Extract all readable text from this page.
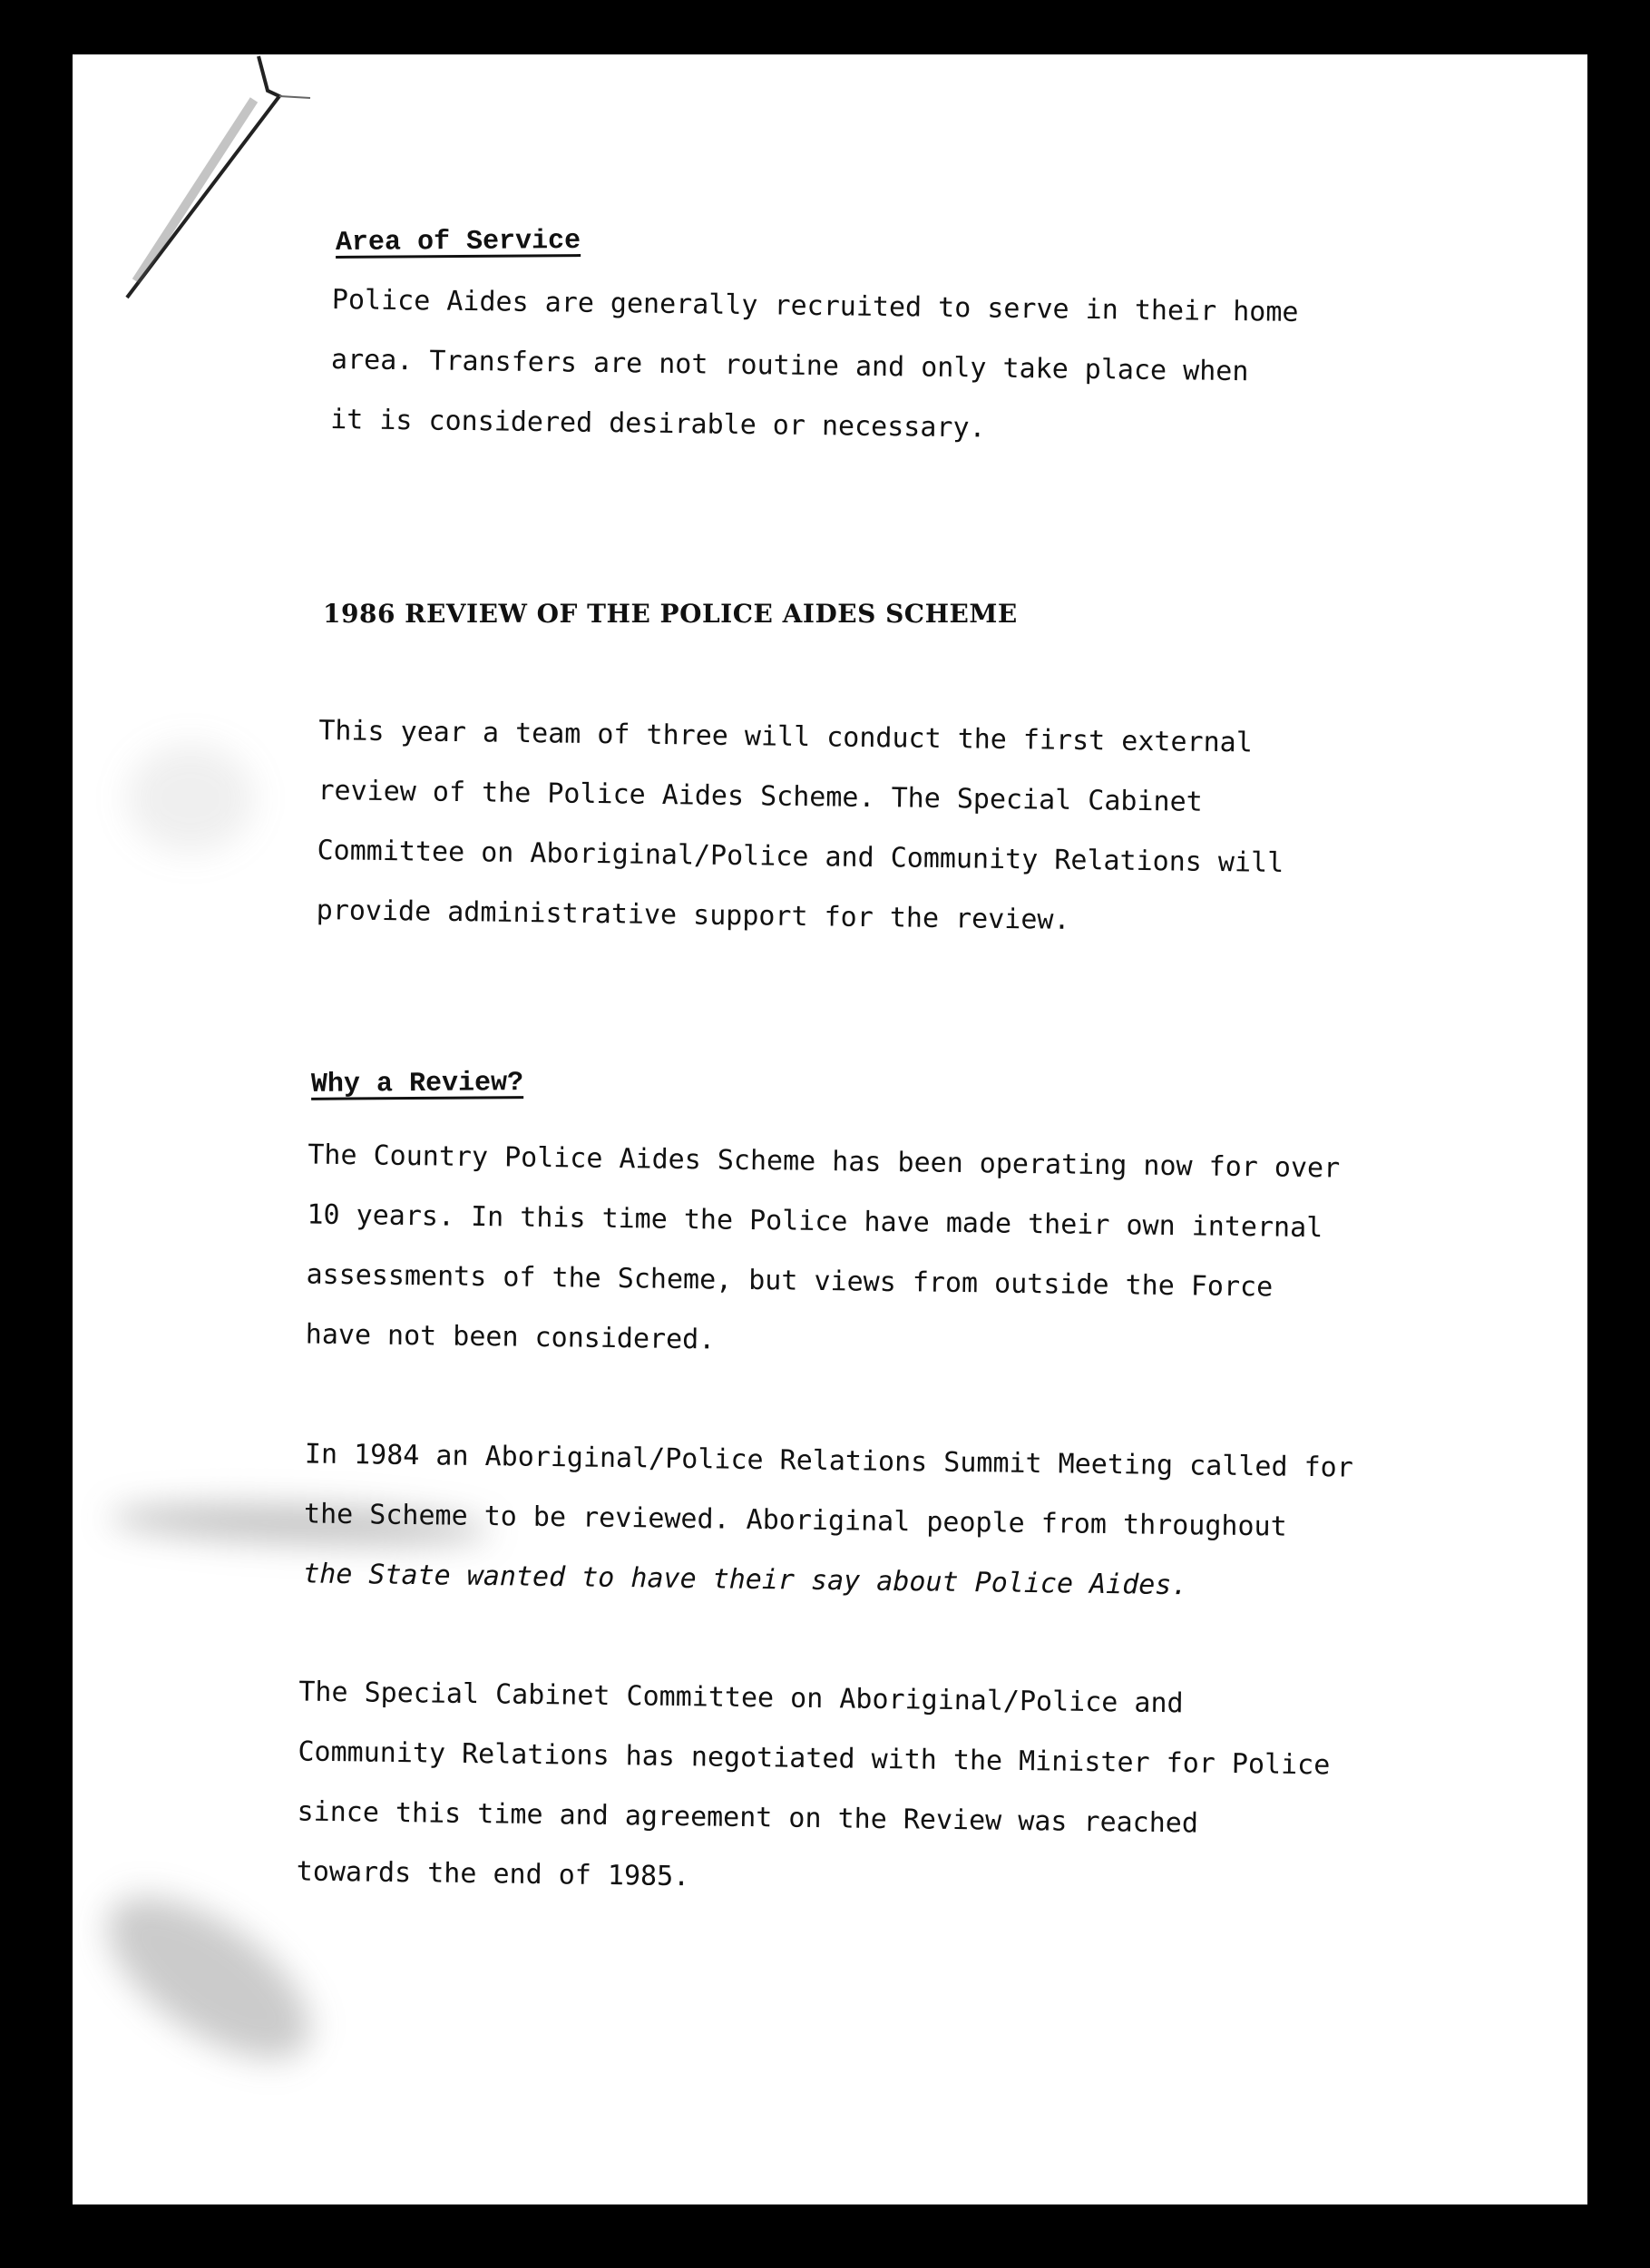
Area of Service

Police Aides are generally recruited to serve in their home
area. Transfers are not routine and only take place when
it is considered desirable or necessary.

1986 REVIEW OF THE POLICE AIDES SCHEME

This year a team of three will conduct the first external
review of the Police Aides Scheme. The Special Cabinet
Committee on Aboriginal/Police and Community Relations will
provide administrative support for the review.

Why a Review?

The Country Police Aides Scheme has been operating now for over
10 years. In this time the Police have made their own internal
assessments of the Scheme, but views from outside the Force
have not been considered.

In 1984 an Aboriginal/Police Relations Summit Meeting called for
the Scheme to be reviewed. Aboriginal people from throughout
the State wanted to have their say about Police Aides.

The Special Cabinet Committee on Aboriginal/Police and
Community Relations has negotiated with the Minister for Police
since this time and agreement on the Review was reached
towards the end of 1985.
